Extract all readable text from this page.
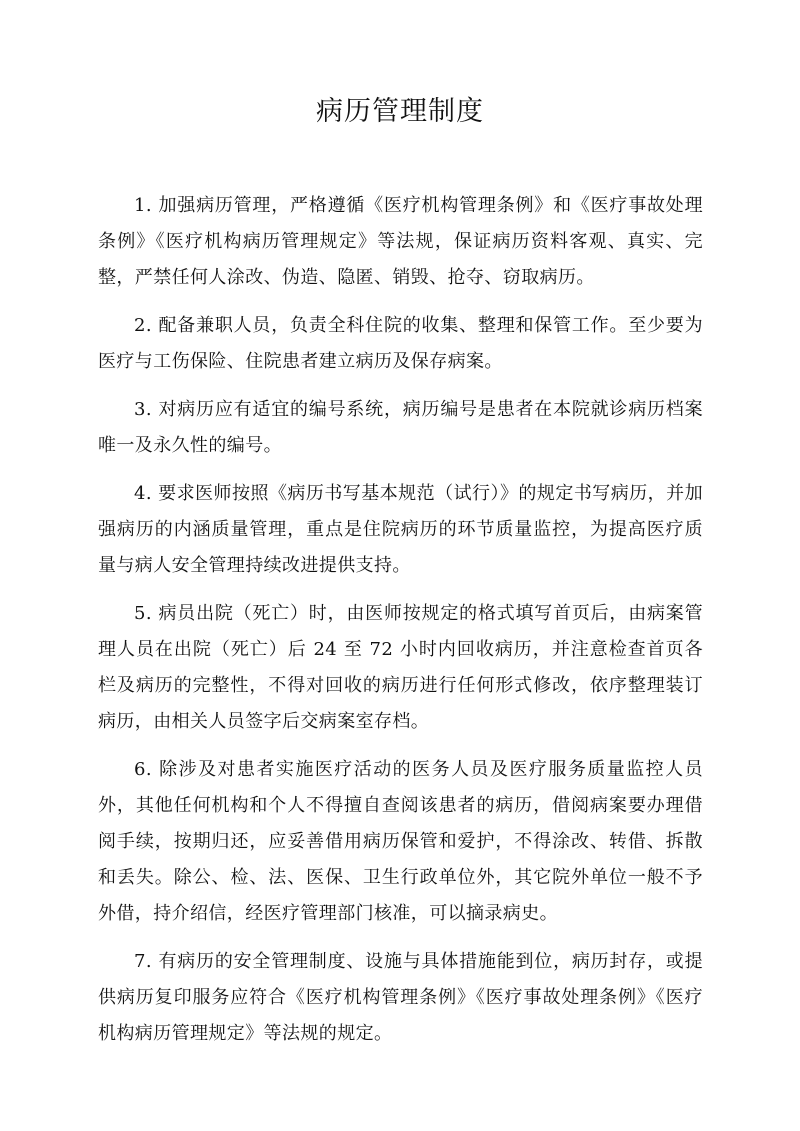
病历管理制度

1. 加强病历管理，严格遵循《医疗机构管理条例》和《医疗事故处理条例》《医疗机构病历管理规定》等法规，保证病历资料客观、真实、完整，严禁任何人涂改、伪造、隐匿、销毁、抢夺、窃取病历。

2. 配备兼职人员，负责全科住院的收集、整理和保管工作。至少要为医疗与工伤保险、住院患者建立病历及保存病案。

3. 对病历应有适宜的编号系统，病历编号是患者在本院就诊病历档案唯一及永久性的编号。

4. 要求医师按照《病历书写基本规范（试行）》的规定书写病历，并加强病历的内涵质量管理，重点是住院病历的环节质量监控，为提高医疗质量与病人安全管理持续改进提供支持。

5. 病员出院（死亡）时，由医师按规定的格式填写首页后，由病案管理人员在出院（死亡）后 24 至 72 小时内回收病历，并注意检查首页各栏及病历的完整性，不得对回收的病历进行任何形式修改，依序整理装订病历，由相关人员签字后交病案室存档。

6. 除涉及对患者实施医疗活动的医务人员及医疗服务质量监控人员外，其他任何机构和个人不得擅自查阅该患者的病历，借阅病案要办理借阅手续，按期归还，应妥善借用病历保管和爱护，不得涂改、转借、拆散和丢失。除公、检、法、医保、卫生行政单位外，其它院外单位一般不予外借，持介绍信，经医疗管理部门核准，可以摘录病史。

7. 有病历的安全管理制度、设施与具体措施能到位，病历封存，或提供病历复印服务应符合《医疗机构管理条例》《医疗事故处理条例》《医疗机构病历管理规定》等法规的规定。
